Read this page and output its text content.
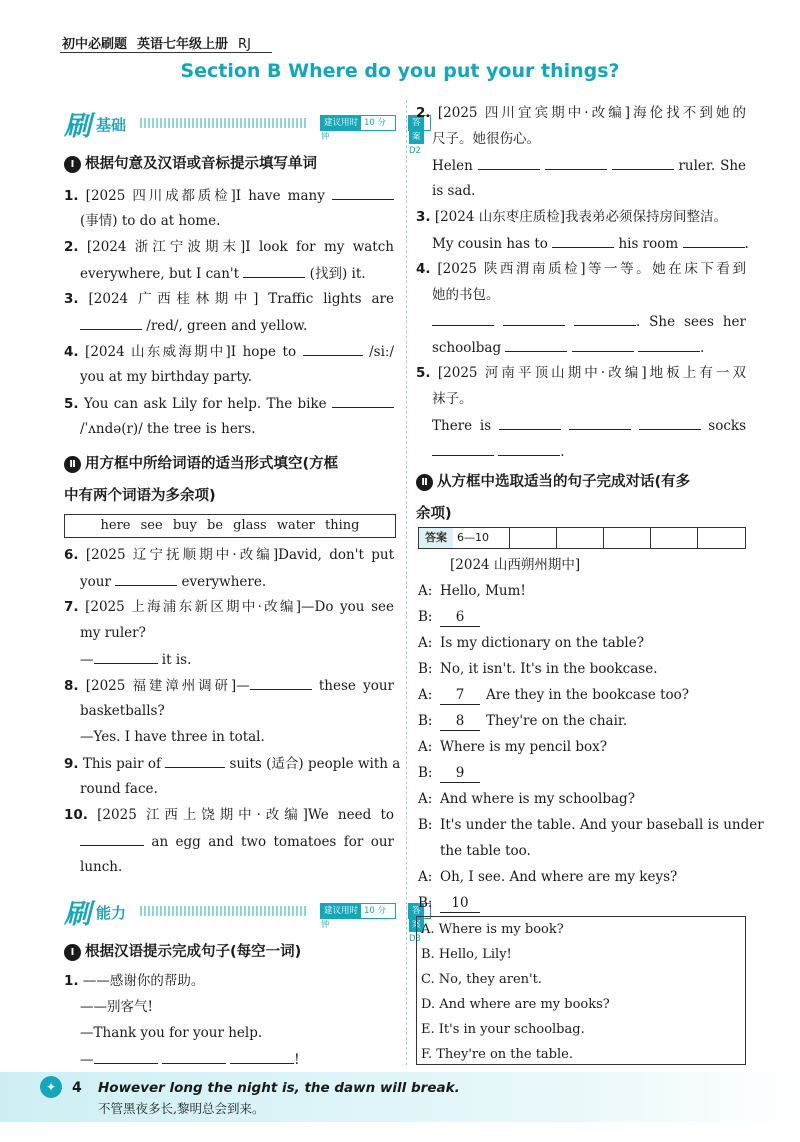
初中必刷题 英语七年级上册 RJ
Section B Where do you put your things?
刷 基础	建议用时 10 分钟
答案D2
Ⅰ 根据句意及汉语或音标提示填写单词
1. [2025 四川成都质检]I have many
(事情) to do at home.
2. [2024 浙江宁波期末]I look for my watch
everywhere, but I can't	(找到) it.
3. [2024 广西桂林期中] Traffic lights are
/red/, green and yellow.
4. [2024 山东威海期中]I hope to	/siː/
you at my birthday party.
5. You can ask Lily for help. The bike
/ˈʌndə(r)/ the tree is hers.
Ⅱ 用方框中所给词语的适当形式填空(方框
中有两个词语为多余项)
here see buy be glass water thing
6. [2025 辽宁抚顺期中·改编]David, don't put
your	everywhere.
7. [2025 上海浦东新区期中·改编]—Do you see
my ruler?
—	it is.
8. [2025 福建漳州调研]—	these your
basketballs?
—Yes. I have three in total.
9. This pair of	suits (适合) people with a
round face.
10. [2025 江西上饶期中·改编]We need to
an egg and two tomatoes for our
lunch.
刷 能力	建议用时 10 分钟
答案D3
Ⅰ 根据汉语提示完成句子(每空一词)
1. ——感谢你的帮助。
——别客气!
—Thank you for your help.
—	!
2. [2025 四川宜宾期中·改编]海伦找不到她的
尺子。她很伤心。
Helen	ruler. She
is sad.
3. [2024 山东枣庄质检]我表弟必须保持房间整洁。
My cousin has to	his room	.
4. [2025 陕西渭南质检]等一等。她在床下看到
她的书包。
. She sees her
schoolbag	.
5. [2025 河南平顶山期中·改编]地板上有一双
袜子。
There is	socks
.
Ⅱ 从方框中选取适当的句子完成对话(有多
余项)
答案 6—10
[2024 山西朔州期中]
A: Hello, Mum!
B: 6
A: Is my dictionary on the table?
B: No, it isn't. It's in the bookcase.
A: 7 Are they in the bookcase too?
B: 8 They're on the chair.
A: Where is my pencil box?
B: 9
A: And where is my schoolbag?
B: It's under the table. And your baseball is under
the table too.
A: Oh, I see. And where are my keys?
B: 10
A. Where is my book?
B. Hello, Lily!
C. No, they aren't.
D. And where are my books?
E. It's in your schoolbag.
F. They're on the table.
✦	4 However long the night is, the dawn will break.
不管黑夜多长,黎明总会到来。
